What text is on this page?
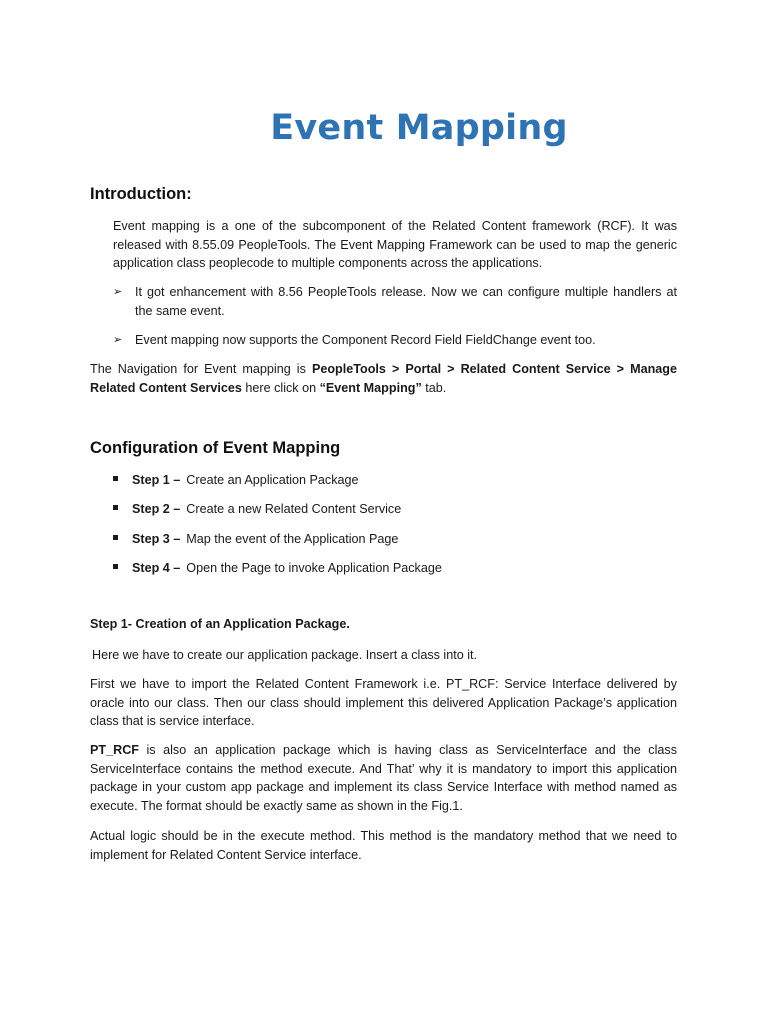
Event Mapping
Introduction:

Event mapping is a one of the subcomponent of the Related Content framework (RCF). It was released with 8.55.09 PeopleTools. The Event Mapping Framework can be used to map the generic application class peoplecode to multiple components across the applications.

➢ It got enhancement with 8.56 PeopleTools release. Now we can configure multiple handlers at the same event.
➢ Event mapping now supports the Component Record Field FieldChange event too.

The Navigation for Event mapping is PeopleTools > Portal > Related Content Service > Manage Related Content Services here click on “Event Mapping” tab.

Configuration of Event Mapping
Step 1 – Create an Application Package
Step 2 – Create a new Related Content Service
Step 3 – Map the event of the Application Page
Step 4 – Open the Page to invoke Application Package
Step 1- Creation of an Application Package.

Here we have to create our application package. Insert a class into it.

First we have to import the Related Content Framework i.e. PT_RCF: Service Interface delivered by oracle into our class. Then our class should implement this delivered Application Package’s application class that is service interface.

PT_RCF is also an application package which is having class as ServiceInterface and the class ServiceInterface contains the method execute. And That’ why it is mandatory to import this application package in your custom app package and implement its class Service Interface with method named as execute. The format should be exactly same as shown in the Fig.1.

Actual logic should be in the execute method. This method is the mandatory method that we need to implement for Related Content Service interface.
